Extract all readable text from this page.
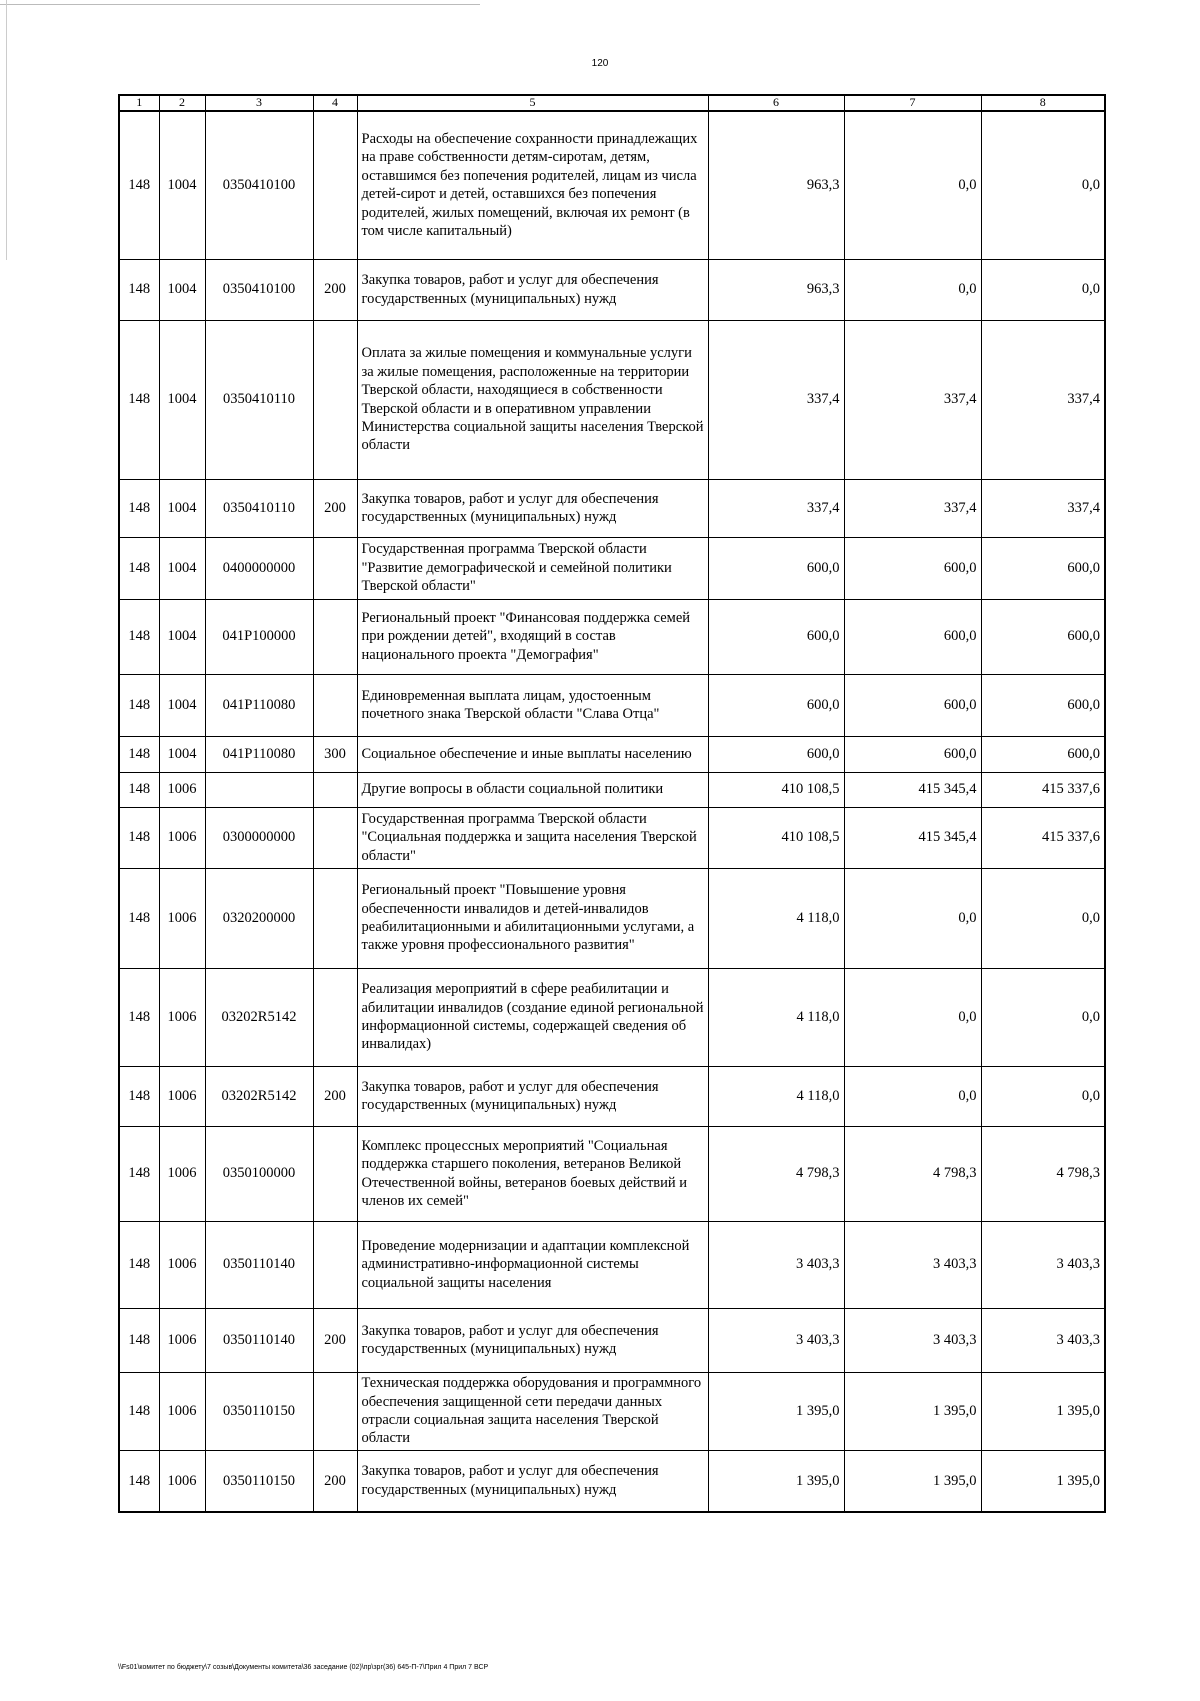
120
1	2	3	4	5	6	7	8
148	1004	0350410100		Расходы на обеспечение сохранности принадлежащих на праве собственности детям-сиротам, детям, оставшимся без попечения родителей, лицам из числа детей-сирот и детей, оставшихся без попечения родителей, жилых помещений, включая их ремонт (в том числе капитальный)	963,3	0,0	0,0
148	1004	0350410100	200	Закупка товаров, работ и услуг для обеспечения государственных (муниципальных) нужд	963,3	0,0	0,0
148	1004	0350410110		Оплата за жилые помещения и коммунальные услуги за жилые помещения, расположенные на территории Тверской области, находящиеся в собственности Тверской области и в оперативном управлении Министерства социальной защиты населения Тверской области	337,4	337,4	337,4
148	1004	0350410110	200	Закупка товаров, работ и услуг для обеспечения государственных (муниципальных) нужд	337,4	337,4	337,4
148	1004	0400000000		Государственная программа Тверской области "Развитие демографической и семейной политики Тверской области"	600,0	600,0	600,0
148	1004	041P100000		Региональный проект "Финансовая поддержка семей при рождении детей", входящий в состав национального проекта "Демография"	600,0	600,0	600,0
148	1004	041P110080		Единовременная выплата лицам, удостоенным почетного знака Тверской области "Слава Отца"	600,0	600,0	600,0
148	1004	041P110080	300	Социальное обеспечение и иные выплаты населению	600,0	600,0	600,0
148	1006			Другие вопросы в области социальной политики	410 108,5	415 345,4	415 337,6
148	1006	0300000000		Государственная программа Тверской области "Социальная поддержка и защита населения Тверской области"	410 108,5	415 345,4	415 337,6
148	1006	0320200000		Региональный проект "Повышение уровня обеспеченности инвалидов и детей-инвалидов реабилитационными и абилитационными услугами, а также уровня профессионального развития"	4 118,0	0,0	0,0
148	1006	03202R5142		Реализация мероприятий в сфере реабилитации и абилитации инвалидов (создание единой региональной информационной системы, содержащей сведения об инвалидах)	4 118,0	0,0	0,0
148	1006	03202R5142	200	Закупка товаров, работ и услуг для обеспечения государственных (муниципальных) нужд	4 118,0	0,0	0,0
148	1006	0350100000		Комплекс процессных мероприятий "Социальная поддержка старшего поколения, ветеранов Великой Отечественной войны, ветеранов боевых действий и членов их семей"	4 798,3	4 798,3	4 798,3
148	1006	0350110140		Проведение модернизации и адаптации комплексной административно-информационной системы социальной защиты населения	3 403,3	3 403,3	3 403,3
148	1006	0350110140	200	Закупка товаров, работ и услуг для обеспечения государственных (муниципальных) нужд	3 403,3	3 403,3	3 403,3
148	1006	0350110150		Техническая поддержка оборудования и программного обеспечения защищенной сети передачи данных отрасли социальная защита населения Тверской области	1 395,0	1 395,0	1 395,0
148	1006	0350110150	200	Закупка товаров, работ и услуг для обеспечения государственных (муниципальных) нужд	1 395,0	1 395,0	1 395,0
\\Fs01\комитет по бюджету\7 созыв\Документы комитета\36 заседание (02)\пр\зрг(36) 645-П-7\Прил 4 Прил 7 ВСР
